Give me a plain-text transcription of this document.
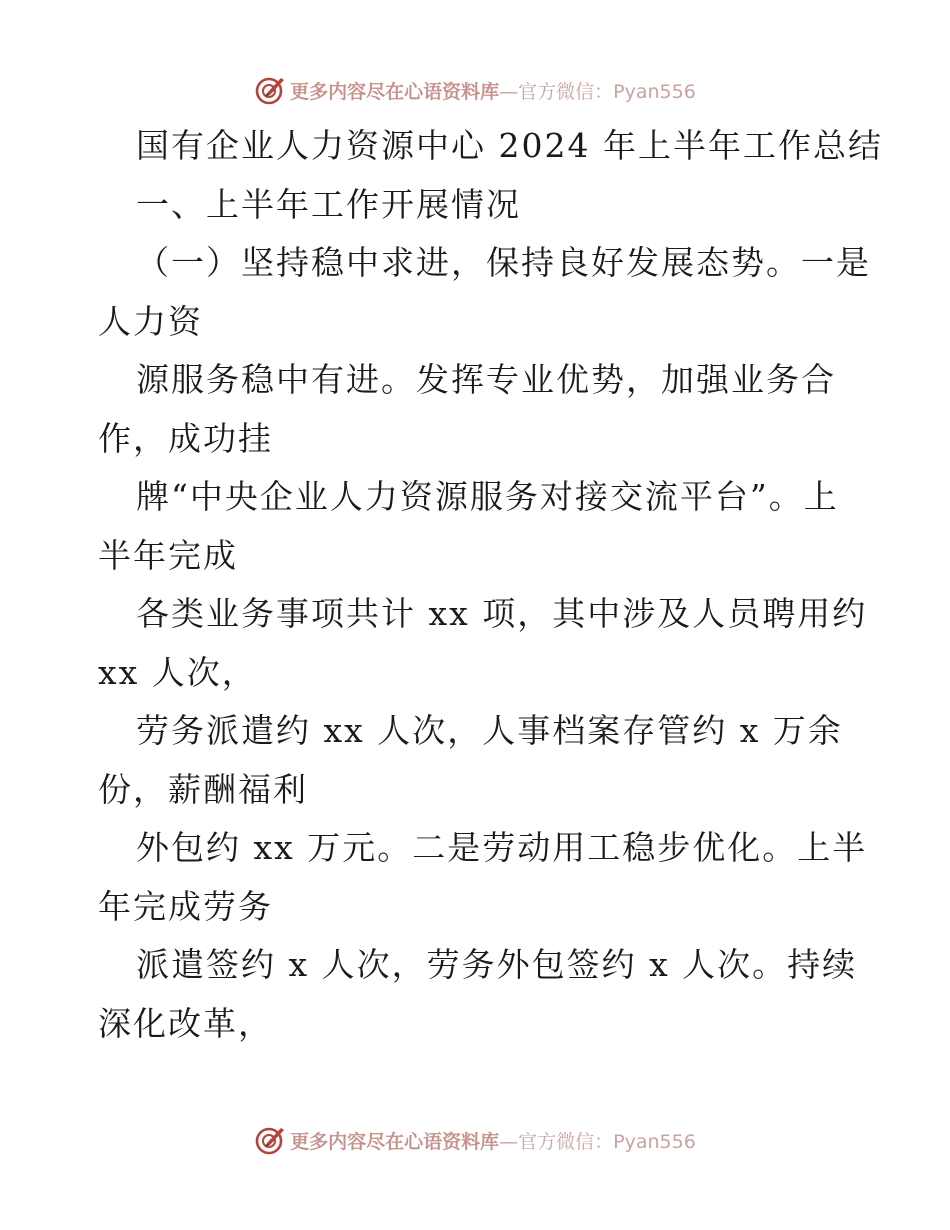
更多内容尽在心语资料库—官方微信：Pyan556
国有企业人力资源中心 2024 年上半年工作总结
一、上半年工作开展情况
（一）坚持稳中求进，保持良好发展态势。一是
人力资
源服务稳中有进。发挥专业优势，加强业务合
作，成功挂
牌“中央企业人力资源服务对接交流平台”。上
半年完成
各类业务事项共计 xx 项，其中涉及人员聘用约
xx 人次，
劳务派遣约 xx 人次，人事档案存管约 x 万余
份，薪酬福利
外包约 xx 万元。二是劳动用工稳步优化。上半
年完成劳务
派遣签约 x 人次，劳务外包签约 x 人次。持续
深化改革，
更多内容尽在心语资料库—官方微信：Pyan556
